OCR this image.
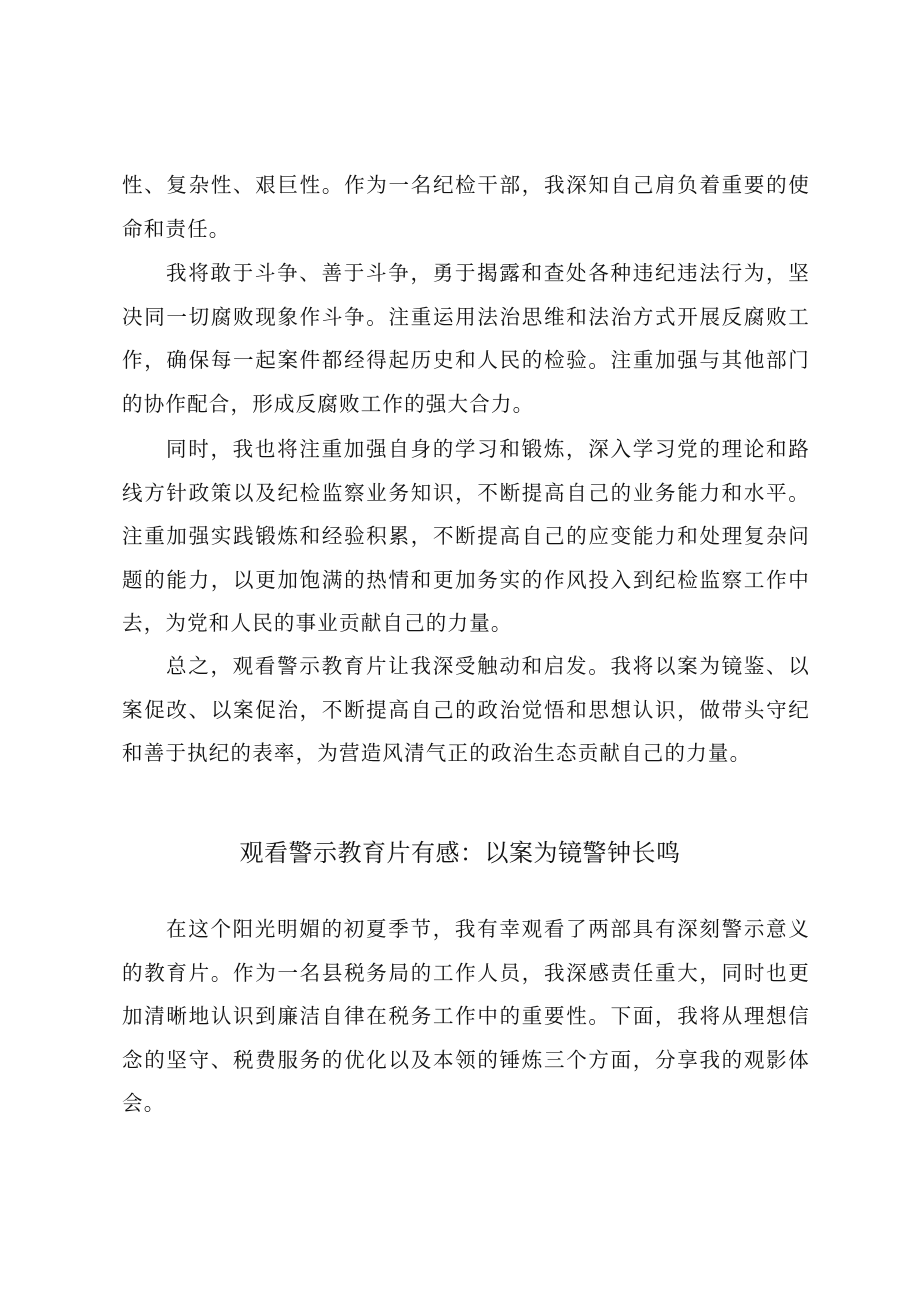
性、复杂性、艰巨性。作为一名纪检干部，我深知自己肩负着重要的使命和责任。

我将敢于斗争、善于斗争，勇于揭露和查处各种违纪违法行为，坚决同一切腐败现象作斗争。注重运用法治思维和法治方式开展反腐败工作，确保每一起案件都经得起历史和人民的检验。注重加强与其他部门的协作配合，形成反腐败工作的强大合力。

同时，我也将注重加强自身的学习和锻炼，深入学习党的理论和路线方针政策以及纪检监察业务知识，不断提高自己的业务能力和水平。注重加强实践锻炼和经验积累，不断提高自己的应变能力和处理复杂问题的能力，以更加饱满的热情和更加务实的作风投入到纪检监察工作中去，为党和人民的事业贡献自己的力量。

总之，观看警示教育片让我深受触动和启发。我将以案为镜鉴、以案促改、以案促治，不断提高自己的政治觉悟和思想认识，做带头守纪和善于执纪的表率，为营造风清气正的政治生态贡献自己的力量。

观看警示教育片有感：以案为镜警钟长鸣

在这个阳光明媚的初夏季节，我有幸观看了两部具有深刻警示意义的教育片。作为一名县税务局的工作人员，我深感责任重大，同时也更加清晰地认识到廉洁自律在税务工作中的重要性。下面，我将从理想信念的坚守、税费服务的优化以及本领的锤炼三个方面，分享我的观影体会。
